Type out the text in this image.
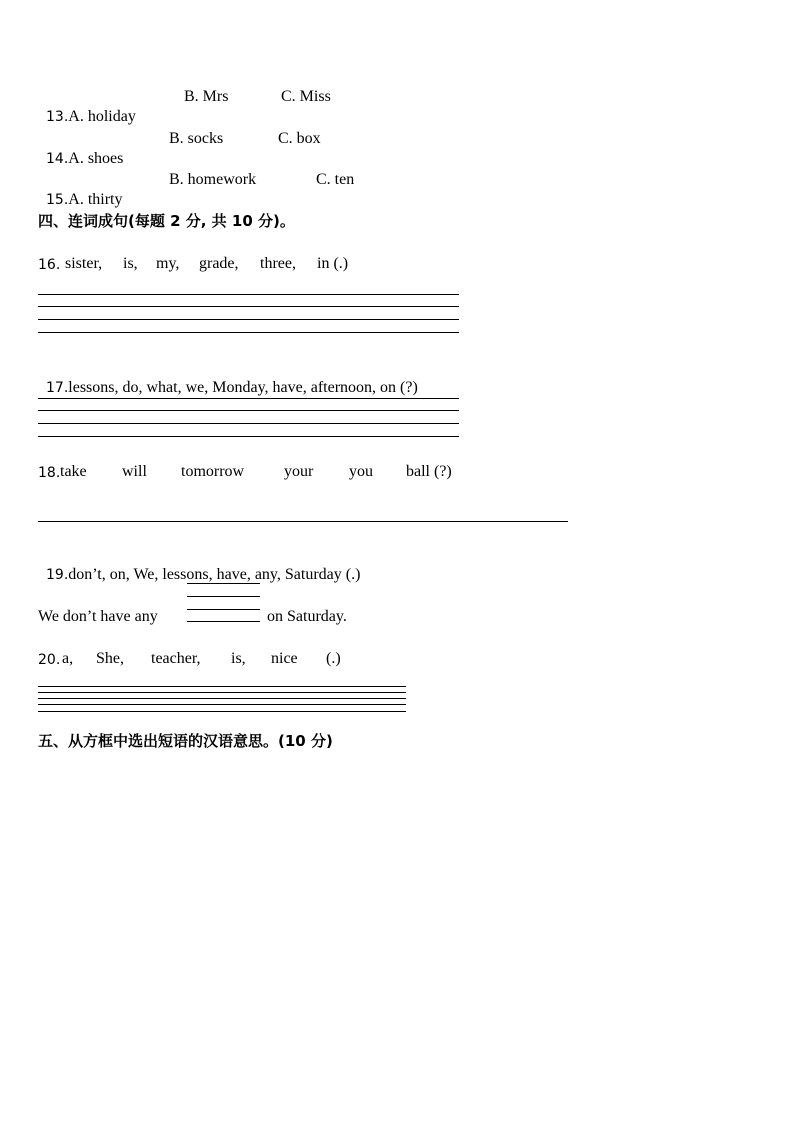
13.A. holiday

B. Mrs

	C. Miss

14.A. shoes

B. socks

	C. box

15.A. thirty

B. homework

	C. ten

四、连词成句(每题 2 分, 共 10 分)。

16.

sister,

is,

my,

grade,

three,

in (.)

17.lessons, do, what, we, Monday, have, afternoon, on (?)

18.

take

will

tomorrow

your

you

ball (?)

19.don’t, on, We, lessons, have, any, Saturday (.)

We don’t have any	on Saturday.

20.

a,

She,

teacher,

is,

nice

(.)

五、从方框中选出短语的汉语意思。(10 分)
